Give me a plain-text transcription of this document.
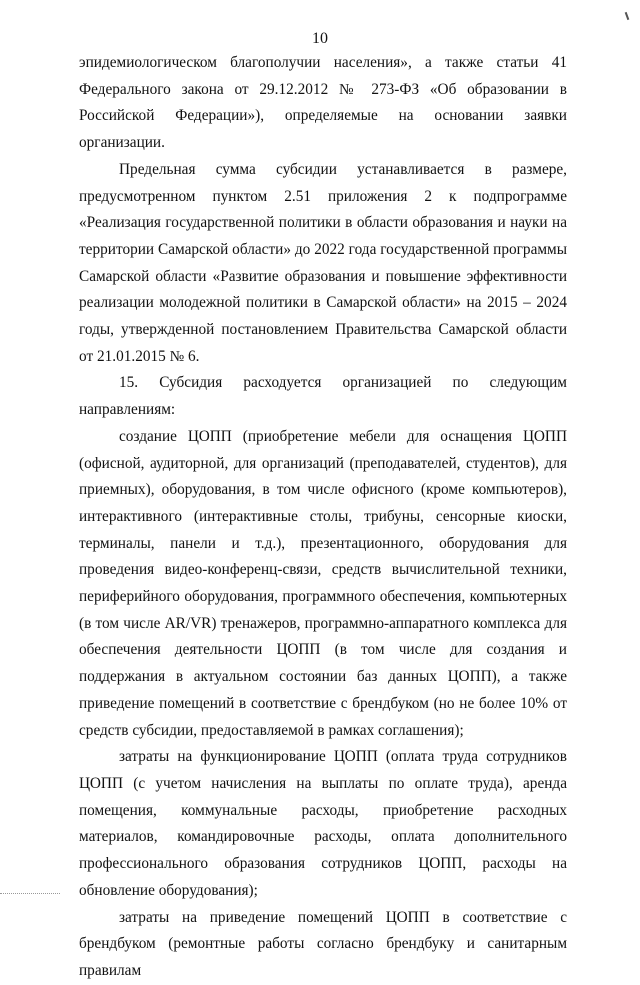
10

эпидемиологическом благополучии населения», а также статьи 41 Федерального закона от 29.12.2012 № 273-ФЗ «Об образовании в Российской Федерации»), определяемые на основании заявки организации.

Предельная сумма субсидии устанавливается в размере, предусмотренном пунктом 2.51 приложения 2 к подпрограмме «Реализация государственной политики в области образования и науки на территории Самарской области» до 2022 года государственной программы Самарской области «Развитие образования и повышение эффективности реализации молодежной политики в Самарской области» на 2015 – 2024 годы, утвержденной постановлением Правительства Самарской области от 21.01.2015 № 6.

15. Субсидия расходуется организацией по следующим направлениям:

создание ЦОПП (приобретение мебели для оснащения ЦОПП (офисной, аудиторной, для организаций (преподавателей, студентов), для приемных), оборудования, в том числе офисного (кроме компьютеров), интерактивного (интерактивные столы, трибуны, сенсорные киоски, терминалы, панели и т.д.), презентационного, оборудования для проведения видео-конференц-связи, средств вычислительной техники, периферийного оборудования, программного обеспечения, компьютерных (в том числе AR/VR) тренажеров, программно-аппаратного комплекса для обеспечения деятельности ЦОПП (в том числе для создания и поддержания в актуальном состоянии баз данных ЦОПП), а также приведение помещений в соответствие с брендбуком (но не более 10% от средств субсидии, предоставляемой в рамках соглашения);

затраты на функционирование ЦОПП (оплата труда сотрудников ЦОПП (с учетом начисления на выплаты по оплате труда), аренда помещения, коммунальные расходы, приобретение расходных материалов, командировочные расходы, оплата дополнительного профессионального образования сотрудников ЦОПП, расходы на обновление оборудования);

затраты на приведение помещений ЦОПП в соответствие с брендбуком (ремонтные работы согласно брендбуку и санитарным правилам
